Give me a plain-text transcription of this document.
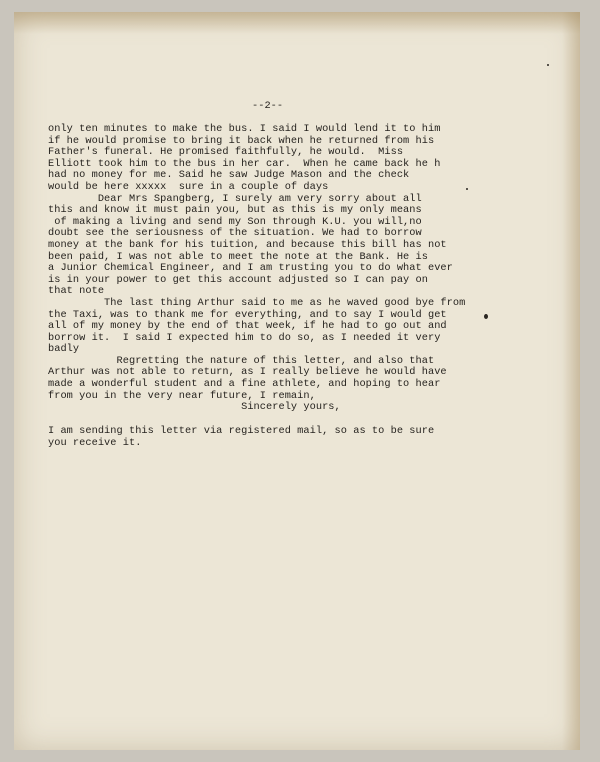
--2--
only ten minutes to make the bus. I said I would lend it to him
if he would promise to bring it back when he returned from his
Father's funeral. He promised faithfully, he would.  Miss
Elliott took him to the bus in her car.  When he came back he h
had no money for me. Said he saw Judge Mason and the check
would be here xxxxx  sure in a couple of days
Dear Mrs Spangberg, I surely am very sorry about all
this and know it must pain you, but as this is my only means
of making a living and send my Son through K.U. you will,no
doubt see the seriousness of the situation. We had to borrow
money at the bank for his tuition, and because this bill has not
been paid, I was not able to meet the note at the Bank. He is
a Junior Chemical Engineer, and I am trusting you to do what ever
is in your power to get this account adjusted so I can pay on
that note
The last thing Arthur said to me as he waved good bye from
the Taxi, was to thank me for everything, and to say I would get
all of my money by the end of that week, if he had to go out and
borrow it.  I said I expected him to do so, as I needed it very
badly
Regretting the nature of this letter, and also that
Arthur was not able to return, as I really believe he would have
made a wonderful student and a fine athlete, and hoping to hear
from you in the very near future, I remain,
Sincerely yours,
I am sending this letter via registered mail, so as to be sure
you receive it.
